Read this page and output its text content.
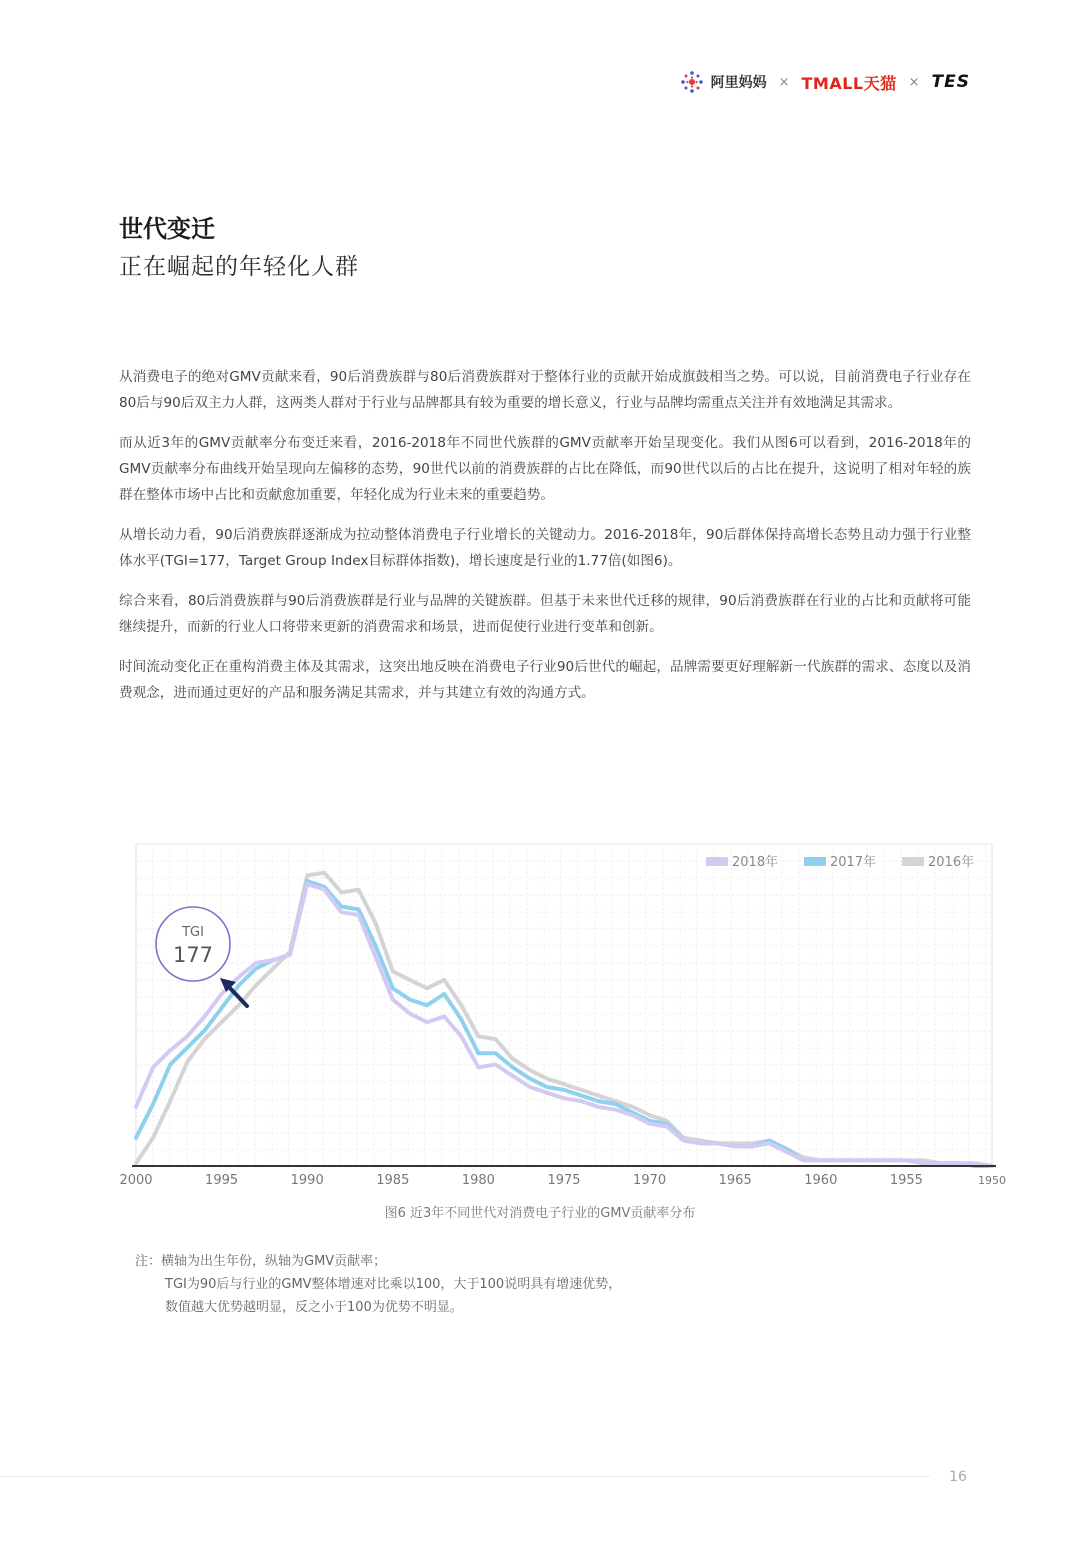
阿里妈妈 × TMALL天猫 × TES
世代变迁
正在崛起的年轻化人群

从消费电子的绝对GMV贡献来看，90后消费族群与80后消费族群对于整体行业的贡献开始成旗鼓相当之势。可以说，目前消费电子行业存在80后与90后双主力人群，这两类人群对于行业与品牌都具有较为重要的增长意义，行业与品牌均需重点关注并有效地满足其需求。

而从近3年的GMV贡献率分布变迁来看，2016-2018年不同世代族群的GMV贡献率开始呈现变化。我们从图6可以看到，2016-2018年的GMV贡献率分布曲线开始呈现向左偏移的态势，90世代以前的消费族群的占比在降低，而90世代以后的占比在提升，这说明了相对年轻的族群在整体市场中占比和贡献愈加重要，年轻化成为行业未来的重要趋势。

从增长动力看，90后消费族群逐渐成为拉动整体消费电子行业增长的关键动力。2016-2018年，90后群体保持高增长态势且动力强于行业整体水平(TGI=177，Target Group Index目标群体指数)，增长速度是行业的1.77倍(如图6)。

综合来看，80后消费族群与90后消费族群是行业与品牌的关键族群。但基于未来世代迁移的规律，90后消费族群在行业的占比和贡献将可能继续提升，而新的行业人口将带来更新的消费需求和场景，进而促使行业进行变革和创新。

时间流动变化正在重构消费主体及其需求，这突出地反映在消费电子行业90后世代的崛起，品牌需要更好理解新一代族群的需求、态度以及消费观念，进而通过更好的产品和服务满足其需求，并与其建立有效的沟通方式。

2000	1995	1990	1985	1980	1975	1970	1965	1960	1955	1950
2018年	2017年	2016年
TGI
177
图6 近3年不同世代对消费电子行业的GMV贡献率分布
注：横轴为出生年份，纵轴为GMV贡献率；
TGI为90后与行业的GMV整体增速对比乘以100，大于100说明具有增速优势，
数值越大优势越明显，反之小于100为优势不明显。
16
